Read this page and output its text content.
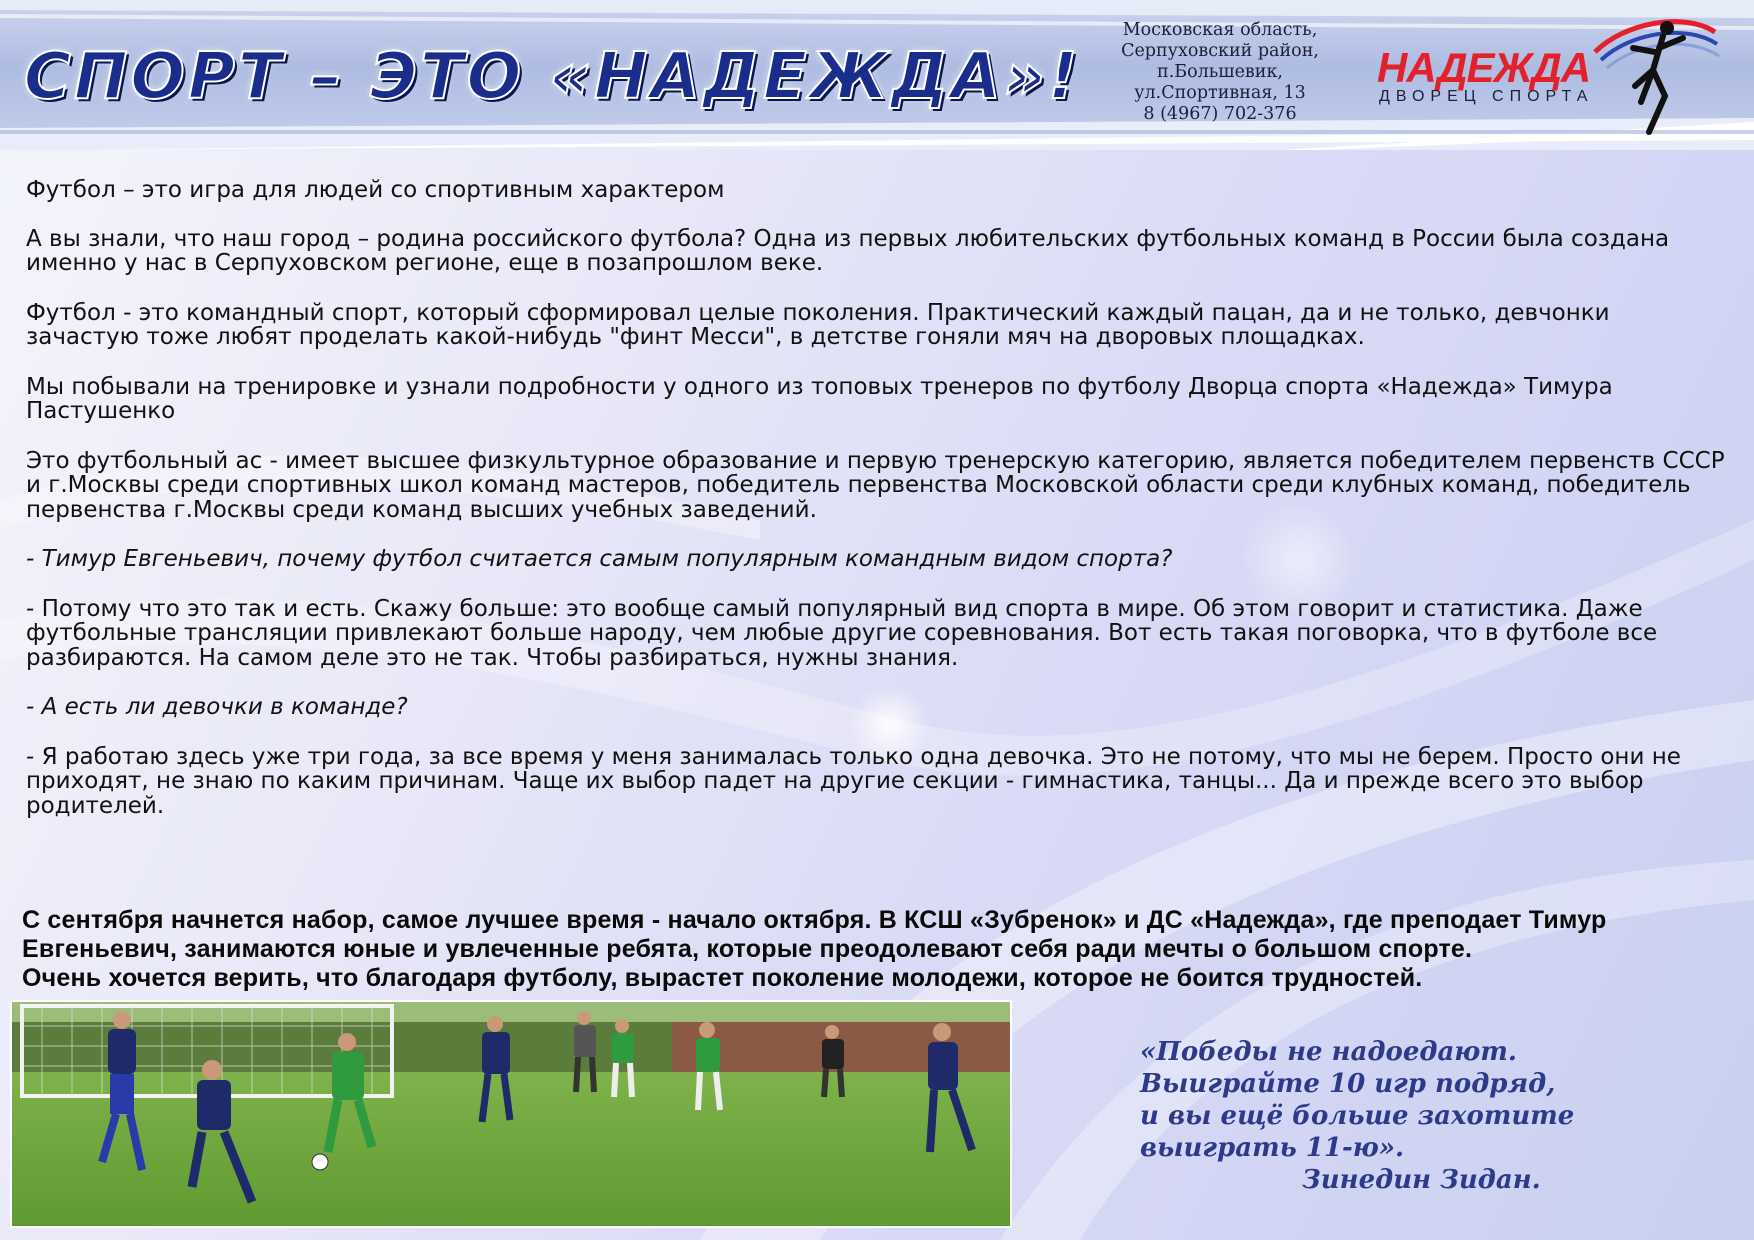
СПОРТ – ЭТО «НАДЕЖДА»!
Московская область,
Серпуховский район,
п.Большевик,
ул.Спортивная, 13
8 (4967) 702-376
НАДЕЖДА
ДВОРЕЦ СПОРТА

Футбол – это игра для людей со спортивным характером

А вы знали, что наш город – родина российского футбола? Одна из первых любительских футбольных команд в России была создана именно у нас в Серпуховском регионе, еще в позапрошлом веке.

Футбол - это командный спорт, который сформировал целые поколения. Практический каждый пацан, да и не только, девчонки зачастую тоже любят проделать какой-нибудь "финт Месси", в детстве гоняли мяч на дворовых площадках.

Мы побывали на тренировке и узнали подробности у одного из топовых тренеров по футболу Дворца спорта «Надежда» Тимура Пастушенко

Это футбольный ас - имеет высшее физкультурное образование и первую тренерскую категорию, является победителем первенств СССР и г.Москвы среди спортивных школ команд мастеров, победитель первенства Московской области среди клубных команд, победитель первенства г.Москвы среди команд высших учебных заведений.

- Тимур Евгеньевич, почему футбол считается самым популярным командным видом спорта?

- Потому что это так и есть. Скажу больше: это вообще самый популярный вид спорта в мире. Об этом говорит и статистика. Даже футбольные трансляции привлекают больше народу, чем любые другие соревнования. Вот есть такая поговорка, что в футболе все разбираются. На самом деле это не так. Чтобы разбираться, нужны знания.

- А есть ли девочки в команде?

- Я работаю здесь уже три года, за все время у меня занималась только одна девочка. Это не потому, что мы не берем. Просто они не приходят, не знаю по каким причинам. Чаще их выбор падет на другие секции - гимнастика, танцы... Да и прежде всего это выбор родителей.

С сентября начнется набор, самое лучшее время - начало октября. В КСШ «Зубренок» и ДС «Надежда», где преподает Тимур
Евгеньевич, занимаются юные и увлеченные ребята, которые преодолевают себя ради мечты о большом спорте.
Очень хочется верить, что благодаря футболу, вырастет поколение молодежи, которое не боится трудностей.
«Победы не надоедают.
Выиграйте 10 игр подряд,
и вы ещё больше захотите
выиграть 11-ю».
Зинедин Зидан.
